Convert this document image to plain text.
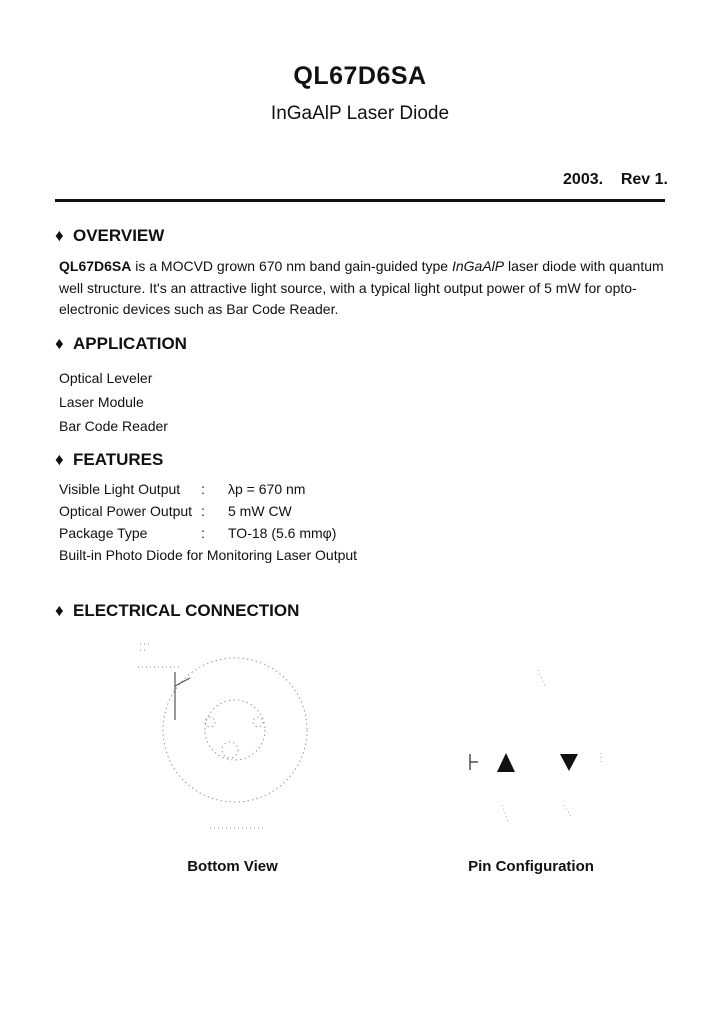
QL67D6SA
InGaAlP Laser Diode
2003.    Rev 1.
♦ OVERVIEW
QL67D6SA is a MOCVD grown 670 nm band gain-guided type InGaAlP laser diode with quantum well structure. It's an attractive light source, with a typical light output power of 5 mW for opto-electronic devices such as Bar Code Reader.
♦ APPLICATION
Optical Leveler
Laser Module
Bar Code Reader
♦ FEATURES
Visible Light Output : λp = 670 nm
Optical Power Output : 5 mW CW
Package Type	: TO-18 (5.6 mmφ)
Built-in Photo Diode for Monitoring Laser Output
♦ ELECTRICAL CONNECTION
Bottom View	Pin Configuration
